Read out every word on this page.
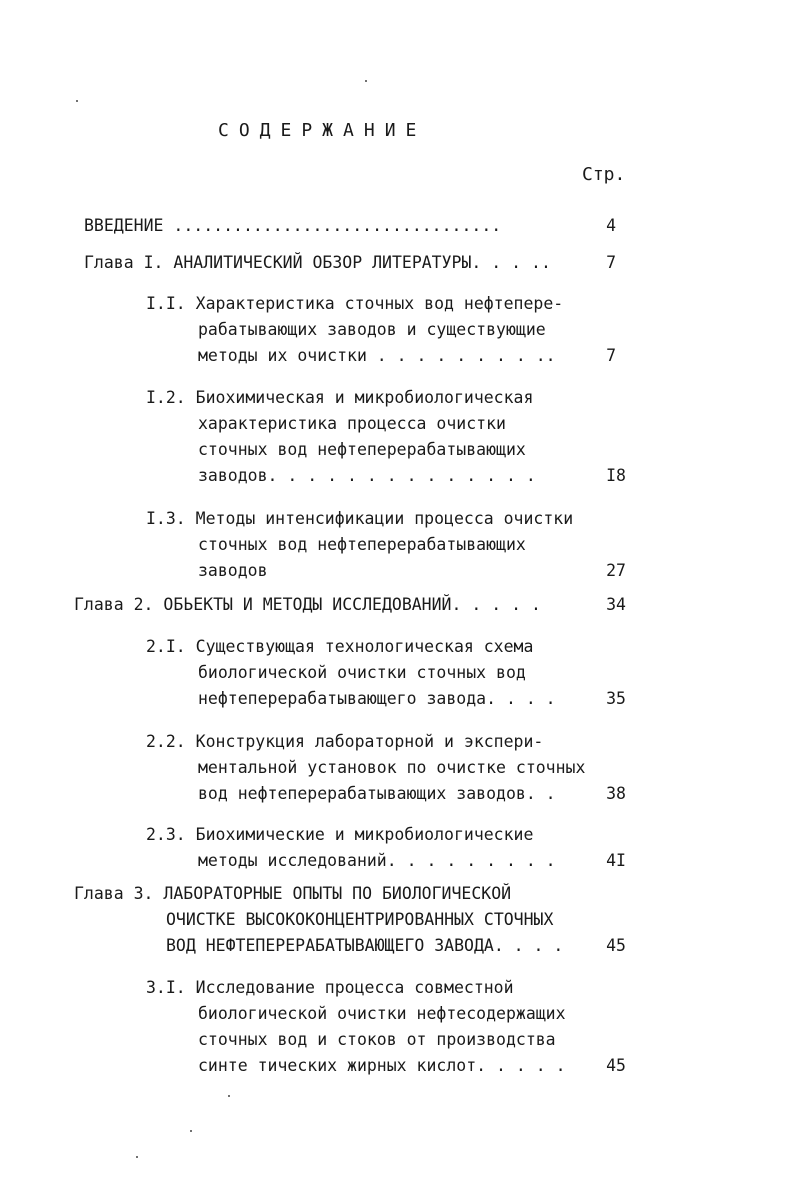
СОДЕРЖАНИЕ
Стр.
ВВЕДЕНИЕ .................................	4
Глава I. АНАЛИТИЧЕСКИЙ ОБЗОР ЛИТЕРАТУРЫ. . . ..	7
I.I. Характеристика сточных вод нефтепере-
рабатывающих заводов и существующие
методы их очистки . . . . . . . . ..	7
I.2. Биохимическая и микробиологическая
характеристика процесса очистки
сточных вод нефтеперерабатывающих
заводов. . . . . . . . . . . . . .	I8
I.3. Методы интенсификации процесса очистки
сточных вод нефтеперерабатывающих
заводов	27
Глава 2. ОБЬЕКТЫ И МЕТОДЫ ИССЛЕДОВАНИЙ. . . . .	34
2.I. Существующая технологическая схема
биологической очистки сточных вод
нефтеперерабатывающего завода. . . .	35
2.2. Конструкция лабораторной и экспери-
ментальной установок по очистке сточных
вод нефтеперерабатывающих заводов. .	38
2.3. Биохимические и микробиологические
методы исследований. . . . . . . . .	4I
Глава 3. ЛАБОРАТОРНЫЕ ОПЫТЫ ПО БИОЛОГИЧЕСКОЙ
ОЧИСТКЕ ВЫСОКОКОНЦЕНТРИРОВАННЫХ СТОЧНЫХ
ВОД НЕФТЕПЕРЕРАБАТЫВАЮЩЕГО ЗАВОДА. . . .	45
3.I. Исследование процесса совместной
биологической очистки нефтесодержащих
сточных вод и стоков от производства
синте тических жирных кислот. . . . .	45
